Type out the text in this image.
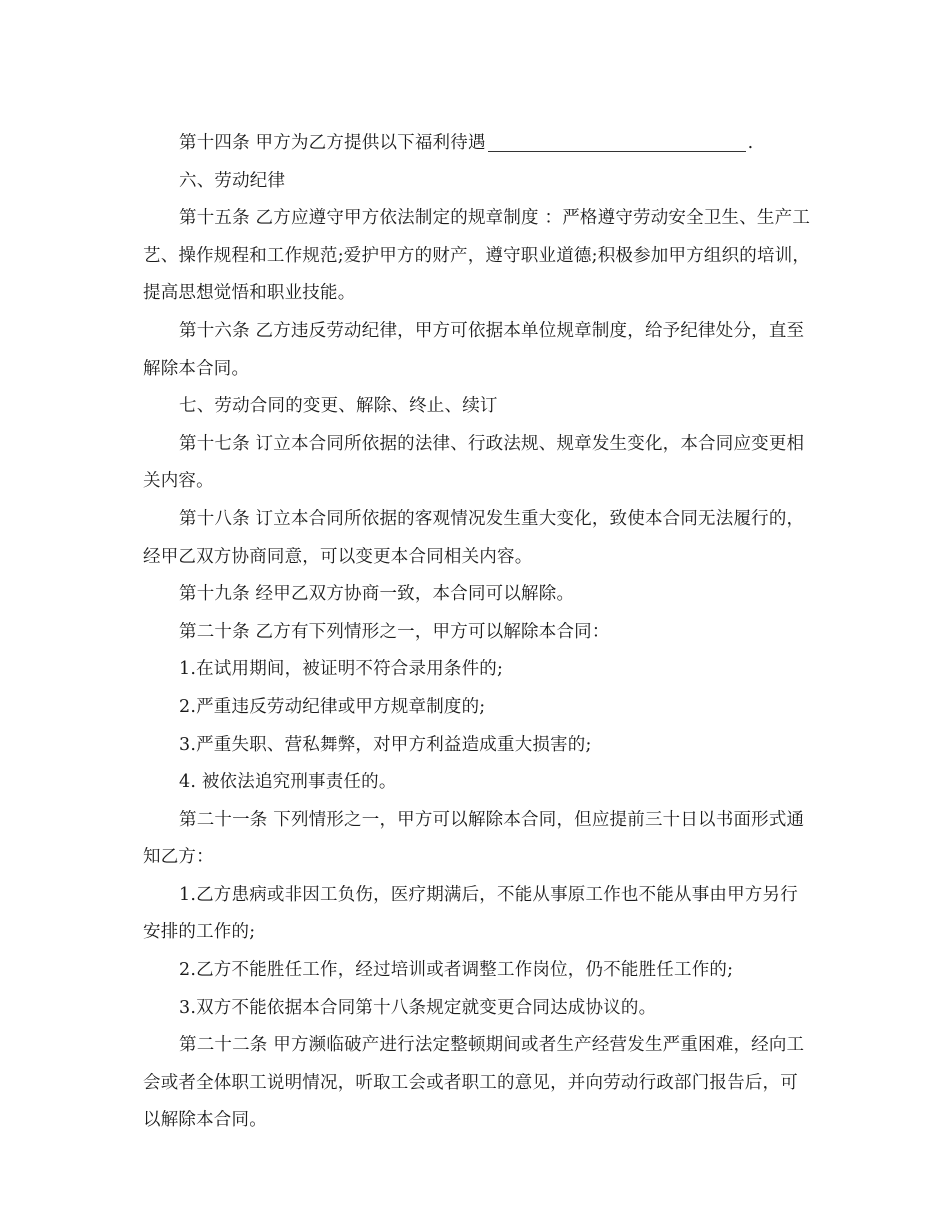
第十四条 甲方为乙方提供以下福利待遇	.

六、劳动纪律

第十五条 乙方应遵守甲方依法制定的规章制度 ：严格遵守劳动安全卫生、生产工艺、操作规程和工作规范;爱护甲方的财产，遵守职业道德;积极参加甲方组织的培训，提高思想觉悟和职业技能。

第十六条 乙方违反劳动纪律，甲方可依据本单位规章制度，给予纪律处分，直至解除本合同。

七、劳动合同的变更、解除、终止、续订

第十七条 订立本合同所依据的法律、行政法规、规章发生变化，本合同应变更相关内容。

第十八条 订立本合同所依据的客观情况发生重大变化，致使本合同无法履行的，经甲乙双方协商同意，可以变更本合同相关内容。

第十九条 经甲乙双方协商一致，本合同可以解除。

第二十条 乙方有下列情形之一，甲方可以解除本合同：

1.在试用期间，被证明不符合录用条件的;

2.严重违反劳动纪律或甲方规章制度的;

3.严重失职、营私舞弊，对甲方利益造成重大损害的;

4. 被依法追究刑事责任的。

第二十一条 下列情形之一，甲方可以解除本合同，但应提前三十日以书面形式通知乙方：

1.乙方患病或非因工负伤，医疗期满后，不能从事原工作也不能从事由甲方另行安排的工作的;

2.乙方不能胜任工作，经过培训或者调整工作岗位，仍不能胜任工作的;

3.双方不能依据本合同第十八条规定就变更合同达成协议的。

第二十二条 甲方濒临破产进行法定整顿期间或者生产经营发生严重困难，经向工会或者全体职工说明情况，听取工会或者职工的意见，并向劳动行政部门报告后，可以解除本合同。
